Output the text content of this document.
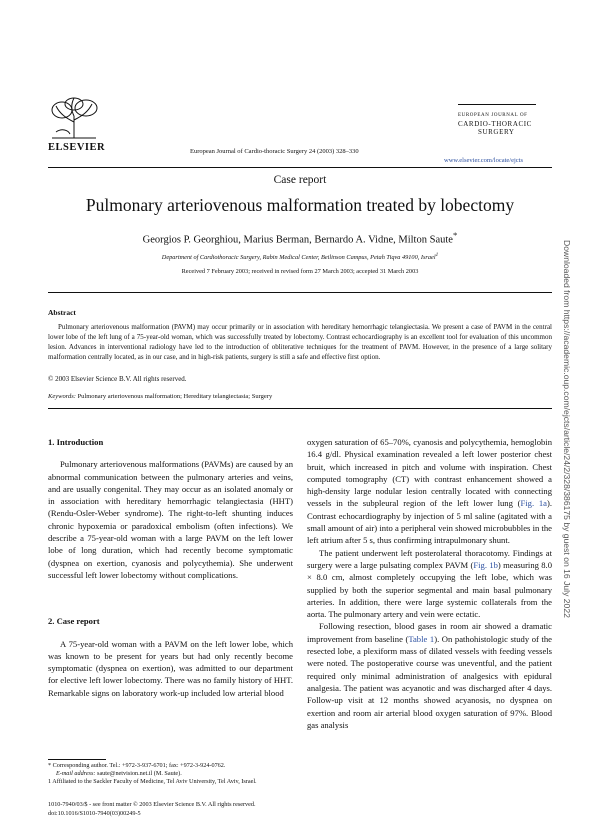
ELSEVIER	European Journal of Cardio-thoracic Surgery 24 (2003) 328–330
EUROPEAN JOURNAL OF
CARDIO-THORACIC
SURGERY
www.elsevier.com/locate/ejcts
Case report
Pulmonary arteriovenous malformation treated by lobectomy
Georgios P. Georghiou, Marius Berman, Bernardo A. Vidne, Milton Saute*
Department of Cardiothoracic Surgery, Rabin Medical Center, Beilinson Campus, Petah Tiqva 49100, Israel$^1$
Received 7 February 2003; received in revised form 27 March 2003; accepted 31 March 2003
Abstract
Pulmonary arteriovenous malformation (PAVM) may occur primarily or in association with hereditary hemorrhagic telangiectasia. We present a case of PAVM in the central lower lobe of the left lung of a 75-year-old woman, which was successfully treated by lobectomy. Contrast echocardiography is an excellent tool for evaluation of this uncommon lesion. Advances in interventional radiology have led to the introduction of obliterative techniques for the treatment of PAVM. However, in the presence of a large solitary malformation centrally located, as in our case, and in high-risk patients, surgery is still a safe and effective first option.
© 2003 Elsevier Science B.V. All rights reserved.
Keywords: Pulmonary arteriovenous malformation; Hereditary telangiectasia; Surgery
1. Introduction

Pulmonary arteriovenous malformations (PAVMs) are caused by an abnormal communication between the pulmonary arteries and veins, and are usually congenital. They may occur as an isolated anomaly or in association with hereditary hemorrhagic telangiectasia (HHT) (Rendu-Osler-Weber syndrome). The right-to-left shunting induces chronic hypoxemia or paradoxical embolism (often infections). We describe a 75-year-old woman with a large PAVM on the left lower lobe of long duration, which had recently become symptomatic (dyspnea on exertion, cyanosis and polycythemia). She underwent successful left lower lobectomy without complications.

2. Case report

A 75-year-old woman with a PAVM on the left lower lobe, which was known to be present for years but had only recently become symptomatic (dyspnea on exertion), was admitted to our department for elective left lower lobectomy. There was no family history of HHT. Remarkable signs on laboratory work-up included low arterial blood

* Corresponding author. Tel.: +972-3-937-6701; fax: +972-3-924-0762.
E-mail address: saute@netvision.net.il (M. Saute).
1 Affiliated to the Sackler Faculty of Medicine, Tel Aviv University, Tel Aviv, Israel.

oxygen saturation of 65–70%, cyanosis and polycythemia, hemoglobin 16.4 g/dl. Physical examination revealed a left lower posterior chest bruit, which increased in pitch and volume with inspiration. Chest computed tomography (CT) with contrast enhancement showed a high-density large nodular lesion centrally located with connecting vessels in the subpleural region of the left lower lung (Fig. 1a). Contrast echocardiography by injection of 5 ml saline (agitated with a small amount of air) into a peripheral vein showed microbubbles in the left atrium after 5 s, thus confirming intrapulmonary shunt.

The patient underwent left posterolateral thoracotomy. Findings at surgery were a large pulsating complex PAVM (Fig. 1b) measuring 8.0 × 8.0 cm, almost completely occupying the left lobe, which was supplied by both the superior segmental and main basal pulmonary arteries. In addition, there were large systemic collaterals from the aorta. The pulmonary artery and vein were ectatic.

Following resection, blood gases in room air showed a dramatic improvement from baseline (Table 1). On pathohistologic study of the resected lobe, a plexiform mass of dilated vessels with feeding vessels were noted. The postoperative course was uneventful, and the patient required only minimal administration of analgesics with epidural analgesia. The patient was acyanotic and was discharged after 4 days. Follow-up visit at 12 months showed acyanosis, no dyspnea on exertion and room air arterial blood oxygen saturation of 97%. Blood gas analysis

1010-7940/03/$ - see front matter © 2003 Elsevier Science B.V. All rights reserved.
doi:10.1016/S1010-7940(03)00249-5
Downloaded from https://academic.oup.com/ejcts/article/24/2/328/386175 by guest on 16 July 2022
